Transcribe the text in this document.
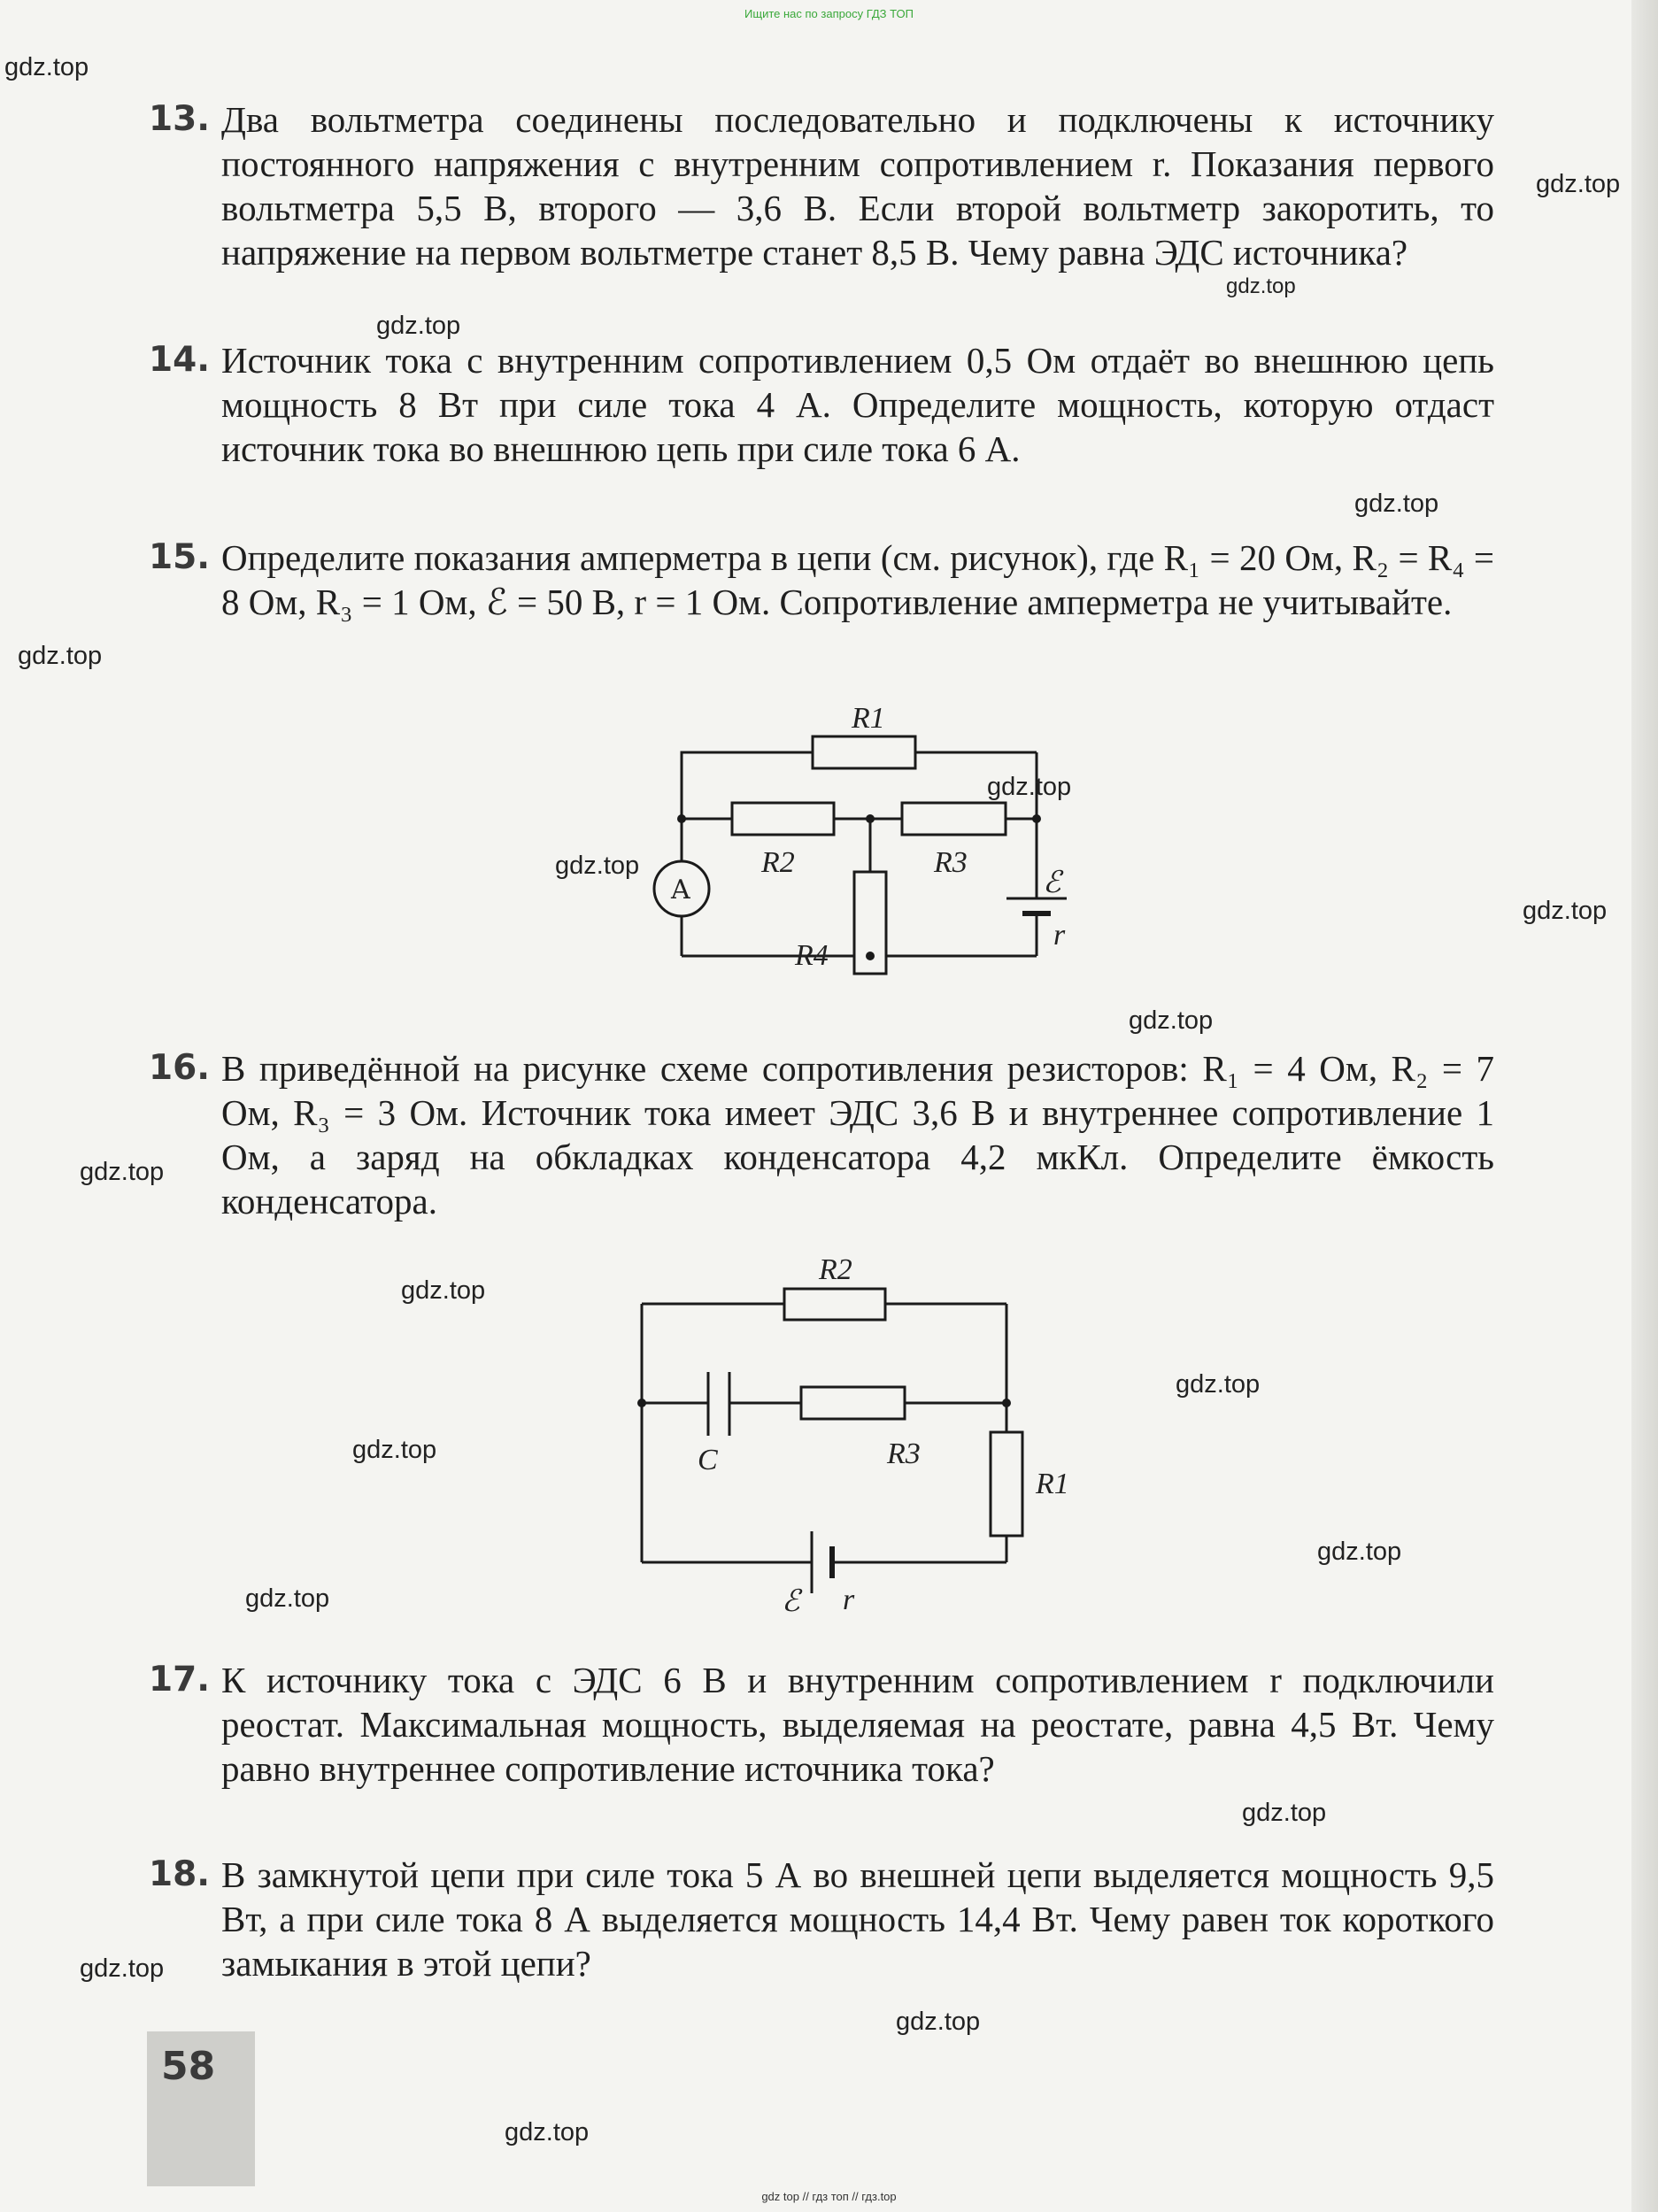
Ищите нас по запросу ГДЗ ТОП
13. Два вольтметра соединены последовательно и подключены к источнику постоянного напряжения с внутренним сопротивлением r. Показания первого вольтметра 5,5 В, второго — 3,6 В. Если второй вольтметр закоротить, то напряжение на первом вольтметре станет 8,5 В. Чему равна ЭДС источника?
14. Источник тока с внутренним сопротивлением 0,5 Ом отдаёт во внешнюю цепь мощность 8 Вт при силе тока 4 А. Определите мощность, которую отдаст источник тока во внешнюю цепь при силе тока 6 А.
15. Определите показания амперметра в цепи (см. рисунок), где R₁ = 20 Ом, R₂ = R₄ = 8 Ом, R₃ = 1 Ом, ℰ = 50 В, r = 1 Ом. Сопротивление амперметра не учитывайте.
R1
R2	R3
R4
A	ℰ
r
16. В приведённой на рисунке схеме сопротивления резисторов: R₁ = 4 Ом, R₂ = 7 Ом, R₃ = 3 Ом. Источник тока имеет ЭДС 3,6 В и внутреннее сопротивление 1 Ом, а заряд на обкладках конденсатора 4,2 мкКл. Определите ёмкость конденсатора.
R2
C	R3
R1
ℰ r
17. К источнику тока с ЭДС 6 В и внутренним сопротивлением r подключили реостат. Максимальная мощность, выделяемая на реостате, равна 4,5 Вт. Чему равно внутреннее сопротивление источника тока?
18. В замкнутой цепи при силе тока 5 А во внешней цепи выделяется мощность 9,5 Вт, а при силе тока 8 А выделяется мощность 14,4 Вт. Чему равен ток короткого замыкания в этой цепи?
58
gdz.top
gdz.top
gdz.top
gdz.top
gdz.top
gdz.top
gdz.top
gdz.top
gdz.top
gdz.top
gdz.top
gdz.top
gdz.top
gdz.top
gdz.top
gdz.top
gdz.top
gdz.top
gdz.top
gdz.top
gdz top // гдз топ // гдз.top
